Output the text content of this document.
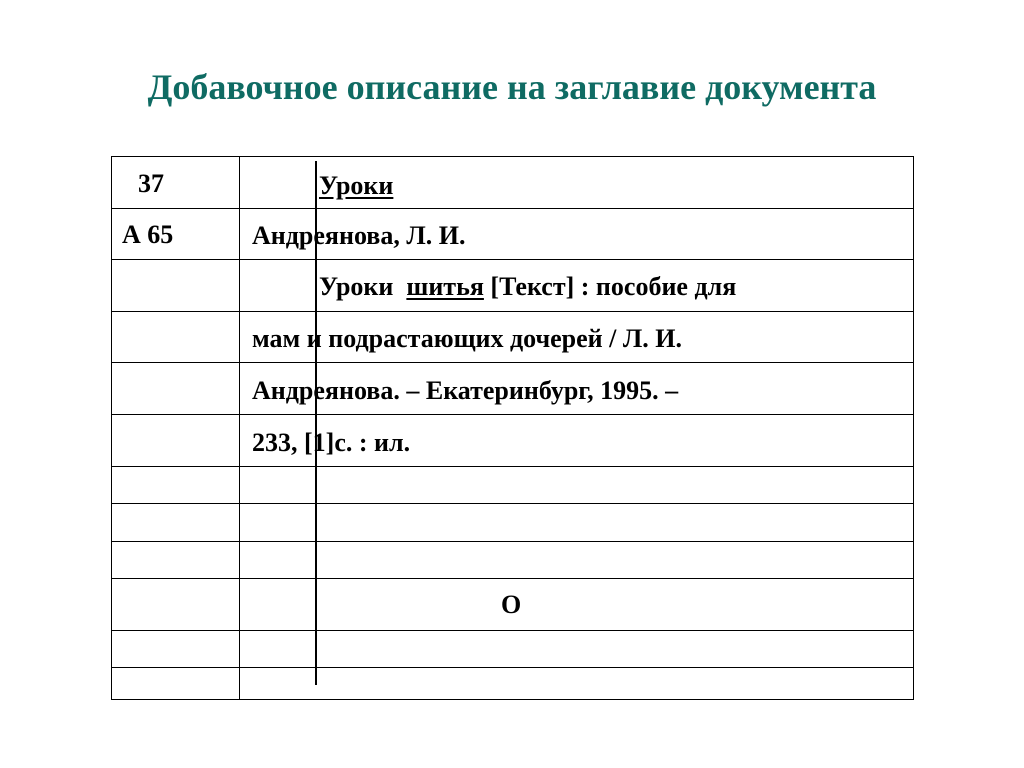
Добавочное описание на заглавие документа
37	Уроки
А 65	Андреянова, Л. И.
Уроки шитья [Текст] : пособие для
мам и подрастающих дочерей / Л. И.
Андреянова. – Екатеринбург, 1995. –
233, [1]с. : ил.
О
